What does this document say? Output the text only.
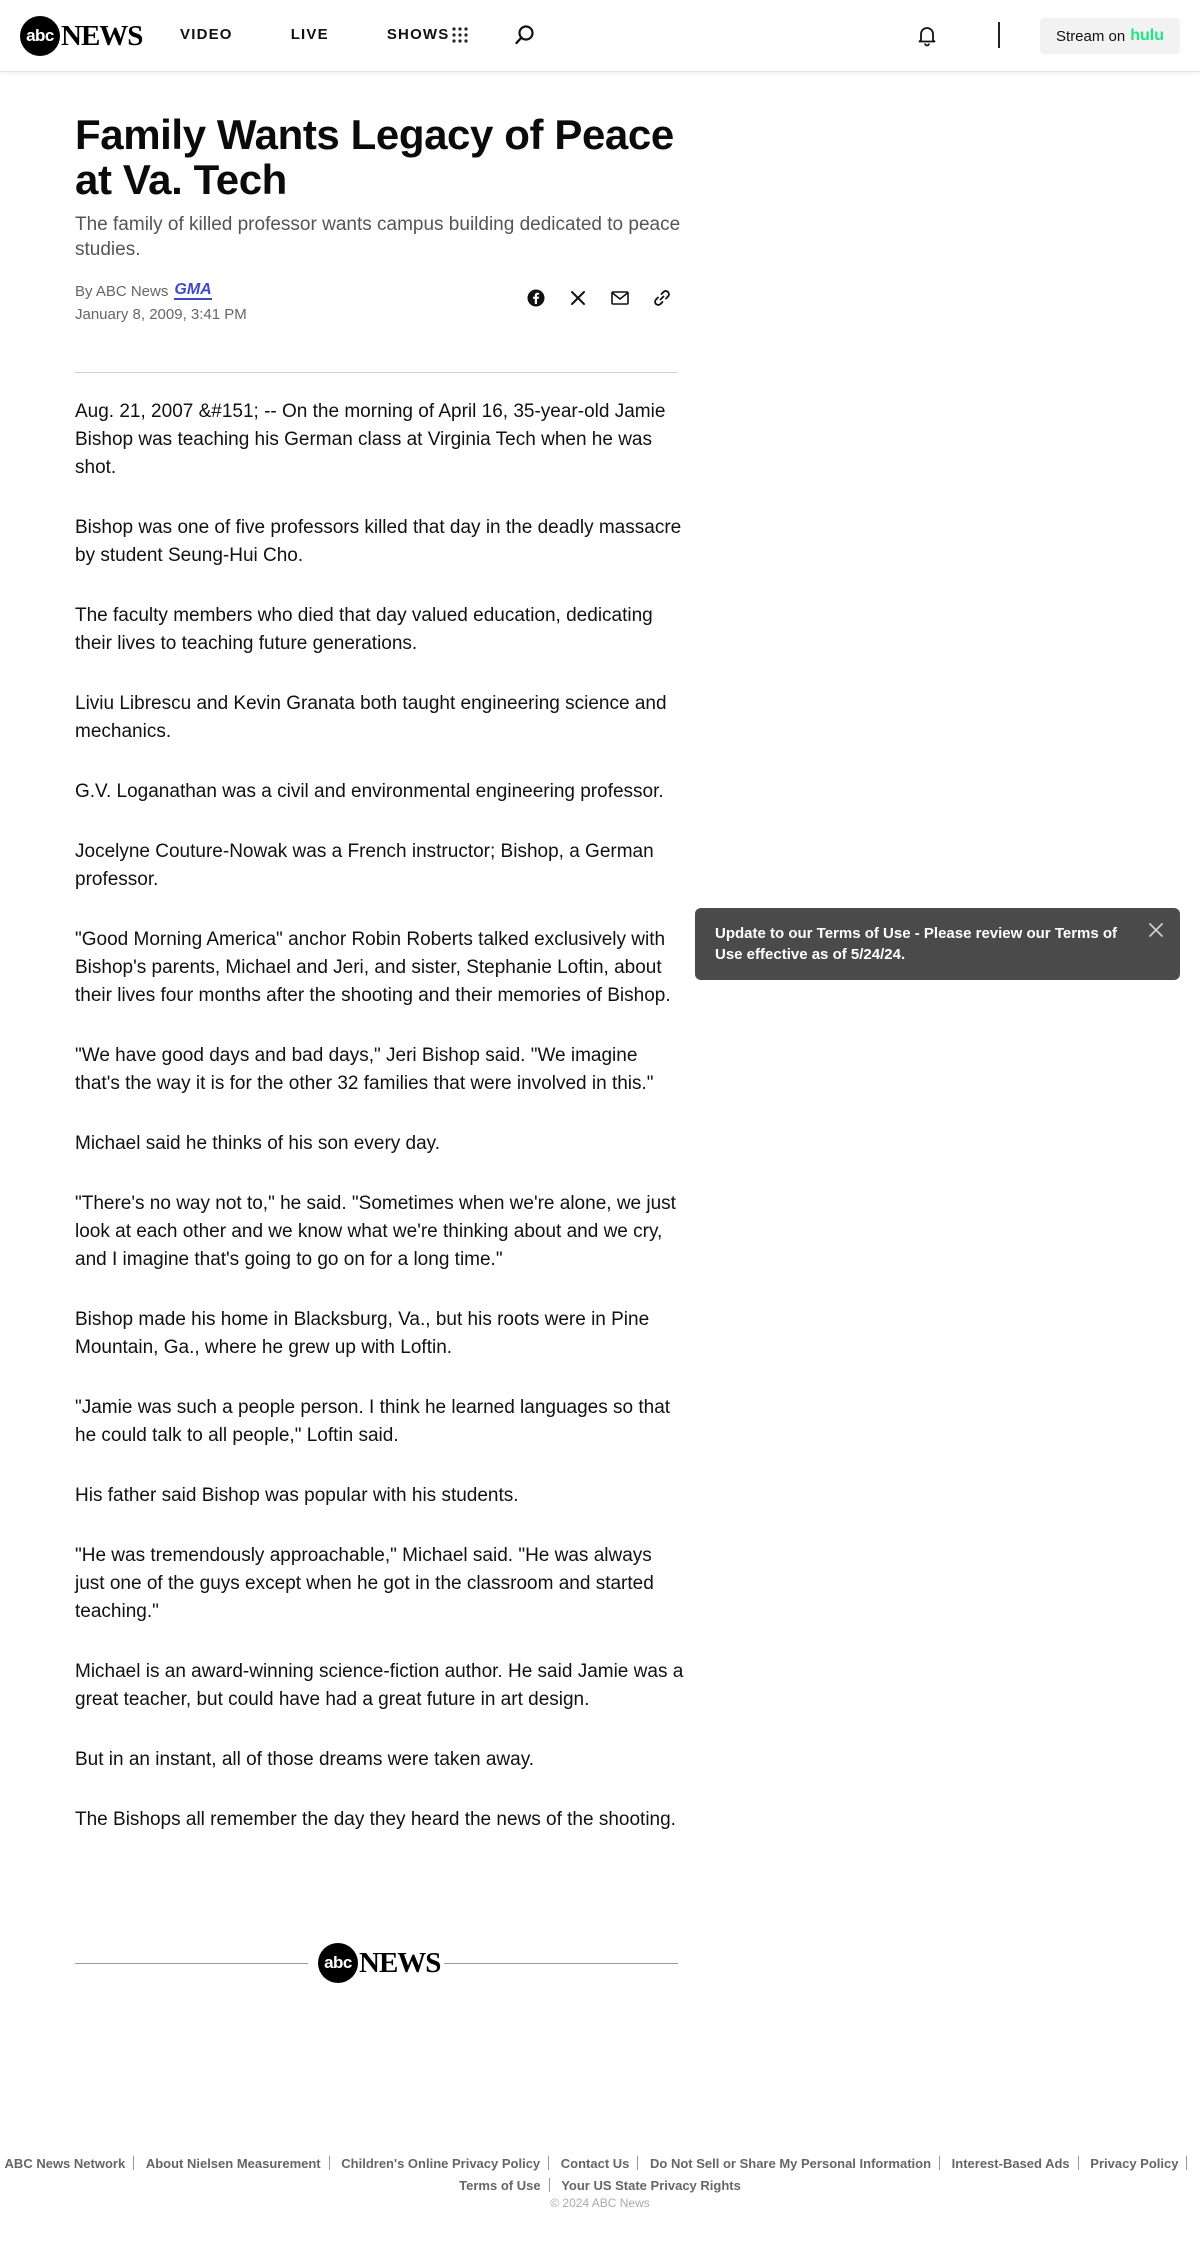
abc NEWS	VIDEO	LIVE	SHOWS	Stream on hulu
Family Wants Legacy of Peace at Va. Tech

The family of killed professor wants campus building dedicated to peace studies.

By ABC News GMA
January 8, 2009, 3:41 PM

Aug. 21, 2007 &#151; -- On the morning of April 16, 35-year-old Jamie Bishop was teaching his German class at Virginia Tech when he was shot.

Bishop was one of five professors killed that day in the deadly massacre by student Seung-Hui Cho.

The faculty members who died that day valued education, dedicating their lives to teaching future generations.

Liviu Librescu and Kevin Granata both taught engineering science and mechanics.

G.V. Loganathan was a civil and environmental engineering professor.

Jocelyne Couture-Nowak was a French instructor; Bishop, a German professor.

"Good Morning America" anchor Robin Roberts talked exclusively with Bishop's parents, Michael and Jeri, and sister, Stephanie Loftin, about their lives four months after the shooting and their memories of Bishop.

"We have good days and bad days," Jeri Bishop said. "We imagine that's the way it is for the other 32 families that were involved in this."

Michael said he thinks of his son every day.

"There's no way not to," he said. "Sometimes when we're alone, we just look at each other and we know what we're thinking about and we cry, and I imagine that's going to go on for a long time."

Bishop made his home in Blacksburg, Va., but his roots were in Pine Mountain, Ga., where he grew up with Loftin.

"Jamie was such a people person. I think he learned languages so that he could talk to all people," Loftin said.

His father said Bishop was popular with his students.

"He was tremendously approachable," Michael said. "He was always just one of the guys except when he got in the classroom and started teaching."

Michael is an award-winning science-fiction author. He said Jamie was a great teacher, but could have had a great future in art design.

But in an instant, all of those dreams were taken away.

The Bishops all remember the day they heard the news of the shooting.

Update to our Terms of Use - Please review our Terms of Use effective as of 5/24/24.
abc NEWS
ABC News Network About Nielsen Measurement Children's Online Privacy Policy Contact Us Do Not Sell or Share My Personal Information Interest-Based Ads Privacy Policy
Terms of Use Your US State Privacy Rights
© 2024 ABC News
